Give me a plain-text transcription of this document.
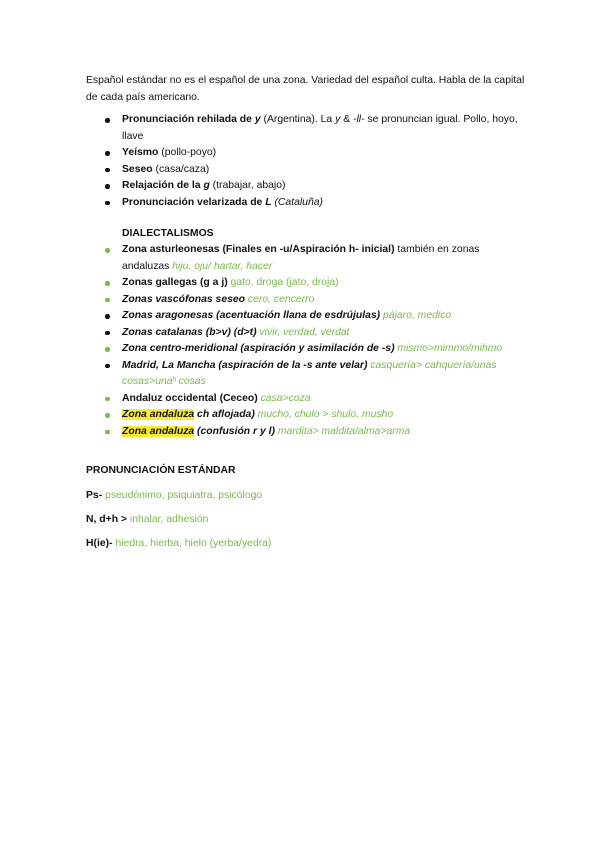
Español estándar no es el español de una zona. Variedad del español culta. Habla de la capital de cada país americano.
Pronunciación rehilada de y (Argentina). La y & -ll- se pronuncian igual. Pollo, hoyo, llave
Yeísmo (pollo-poyo)
Seseo (casa/caza)
Relajación de la g (trabajar, abajo)
Pronunciación velarizada de L (Cataluña)
DIALECTALISMOS
Zona asturleonesas (Finales en -u/Aspiración h- inicial) también en zonas andaluzas hiju, oju/ hartar, hacer
Zonas gallegas (g a j) gato, droga (jato, droja)
Zonas vascófonas seseo cero, cencerro
Zonas aragonesas (acentuación llana de esdrújulas) pájaro, medico
Zonas catalanas (b>v) (d>t) vivir, verdad, verdat
Zona centro-meridional (aspiración y asimilación de -s) mismo>mimmo/mihmo
Madrid, La Mancha (aspiración de la -s ante velar) casquería> cahquería/unas cosas>unaʰ cosas
Andaluz occidental (Ceceo) casa>coza
Zona andaluza ch aflojada) mucho, chulo > shulo, musho
Zona andaluza (confusión r y l) mardita> maldita/alma>arma
PRONUNCIACIÓN ESTÁNDAR
Ps- pseudónimo, psiquiatra, psicólogo
N, d+h > inhalar, adhesión
H(ie)- hiedra, hierba, hielo (yerba/yedra)
